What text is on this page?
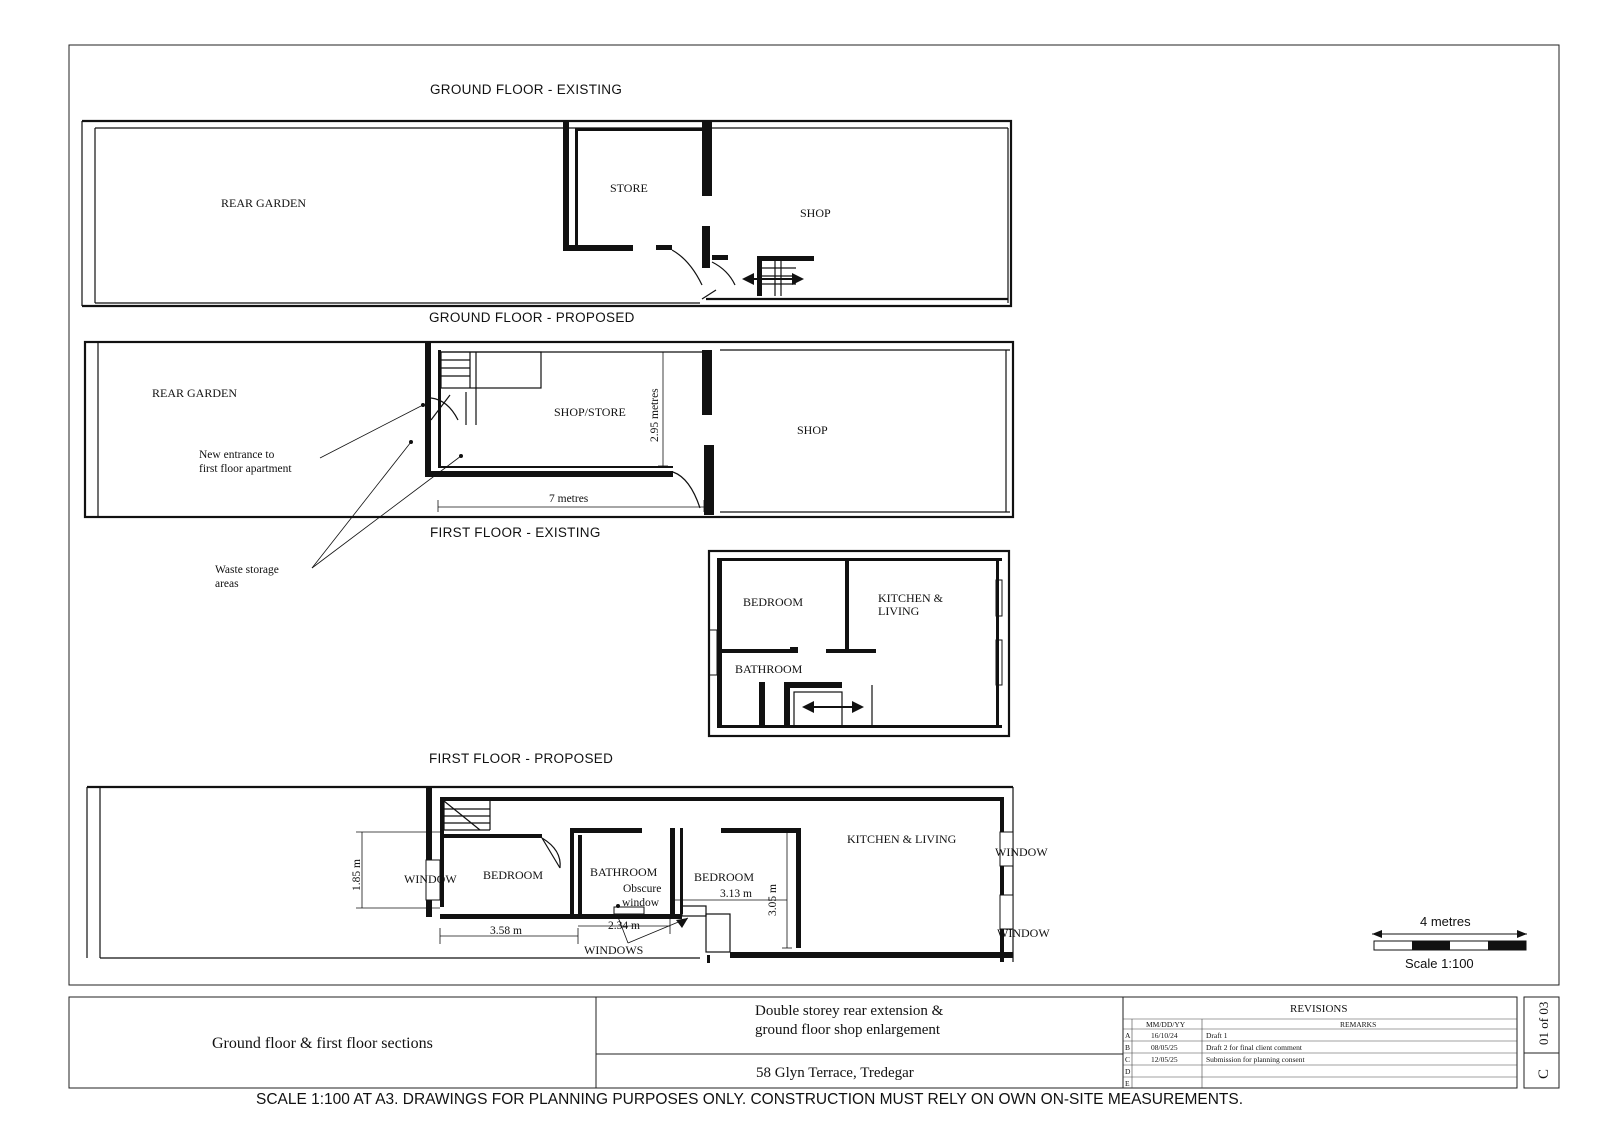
GROUND FLOOR - EXISTING
GROUND FLOOR - PROPOSED
FIRST FLOOR - EXISTING
FIRST FLOOR - PROPOSED
REAR GARDEN
STORE
SHOP
REAR GARDEN
SHOP/STORE
SHOP
7 metres
2.95 metres
New entrance to
first floor apartment
Waste storage
areas
BEDROOM	KITCHEN &
LIVING
BATHROOM
WINDOW BEDROOM	BATHROOM
Obscure
window
BEDROOM
KITCHEN & LIVING
WINDOW
WINDOW
WINDOWS
3.58 m	2.34 m
3.13 m
1.85 m
3.05 m
4 metres
Scale 1:100
Ground floor & first floor sections
Double storey rear extension &
ground floor shop enlargement
58 Glyn Terrace, Tredegar
REVISIONS
MM/DD/YY	REMARKS
A	16/10/24	Draft 1
B	08/05/25	Draft 2 for final client comment
C	12/05/25	Submission for planning consent
D
E
01 of 03
C
SCALE 1:100 AT A3. DRAWINGS FOR PLANNING PURPOSES ONLY. CONSTRUCTION MUST RELY ON OWN ON-SITE MEASUREMENTS.
